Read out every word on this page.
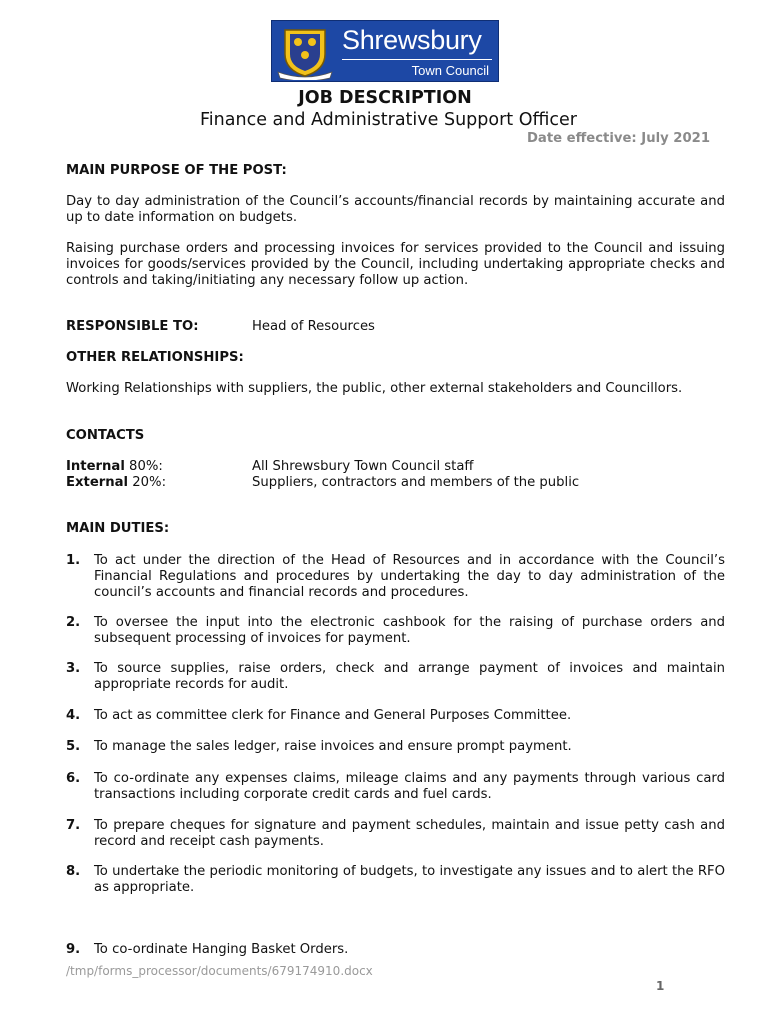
Shrewsbury
Town Council
JOB DESCRIPTION
Finance and Administrative Support Officer
Date effective: July 2021
MAIN PURPOSE OF THE POST:
Day to day administration of the Council’s accounts/financial records by maintaining accurate and up to date information on budgets.
Raising purchase orders and processing invoices for services provided to the Council and issuing invoices for goods/services provided by the Council, including undertaking appropriate checks and controls and taking/initiating any necessary follow up action.
RESPONSIBLE TO:	Head of Resources
OTHER RELATIONSHIPS:
Working Relationships with suppliers, the public, other external stakeholders and Councillors.
CONTACTS
Internal 80%:	All Shrewsbury Town Council staff
External 20%:	Suppliers, contractors and members of the public
MAIN DUTIES:
1. To act under the direction of the Head of Resources and in accordance with the Council’s Financial Regulations and procedures by undertaking the day to day administration of the council’s accounts and financial records and procedures.
2. To oversee the input into the electronic cashbook for the raising of purchase orders and subsequent processing of invoices for payment.
3. To source supplies, raise orders, check and arrange payment of invoices and maintain appropriate records for audit.
4. To act as committee clerk for Finance and General Purposes Committee.
5. To manage the sales ledger, raise invoices and ensure prompt payment.
6. To co-ordinate any expenses claims, mileage claims and any payments through various card transactions including corporate credit cards and fuel cards.
7. To prepare cheques for signature and payment schedules, maintain and issue petty cash and record and receipt cash payments.
8. To undertake the periodic monitoring of budgets, to investigate any issues and to alert the RFO as appropriate.
9. To co-ordinate Hanging Basket Orders.
/tmp/forms_processor/documents/679174910.docx
1
